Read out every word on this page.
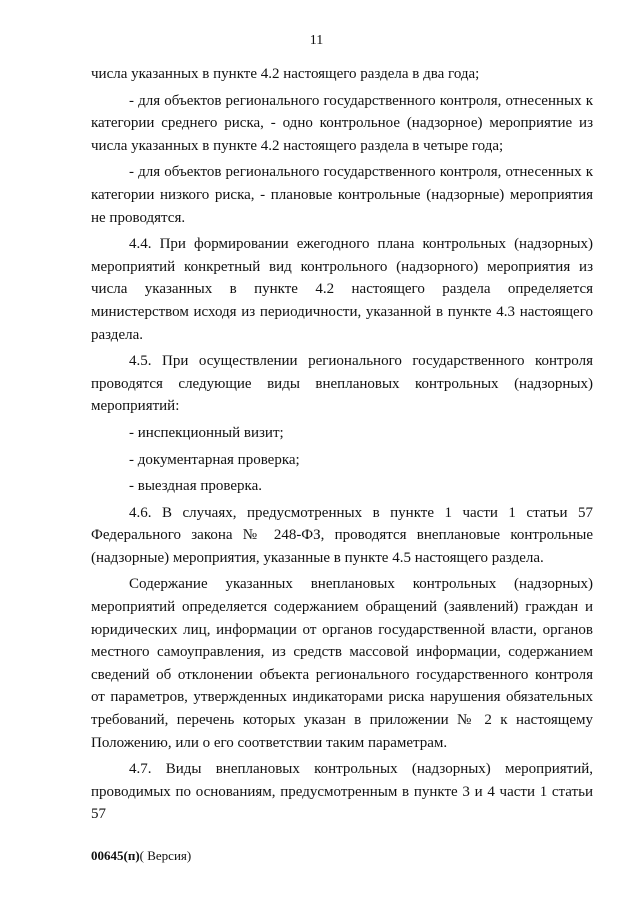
11

числа указанных в пункте 4.2 настоящего раздела в два года;

- для объектов регионального государственного контроля, отнесенных к категории среднего риска, - одно контрольное (надзорное) мероприятие из числа указанных в пункте 4.2 настоящего раздела в четыре года;

- для объектов регионального государственного контроля, отнесенных к категории низкого риска, - плановые контрольные (надзорные) мероприятия не проводятся.

4.4. При формировании ежегодного плана контрольных (надзорных) мероприятий конкретный вид контрольного (надзорного) мероприятия из числа указанных в пункте 4.2 настоящего раздела определяется министерством исходя из периодичности, указанной в пункте 4.3 настоящего раздела.

4.5. При осуществлении регионального государственного контроля проводятся следующие виды внеплановых контрольных (надзорных) мероприятий:

- инспекционный визит;

- документарная проверка;

- выездная проверка.

4.6. В случаях, предусмотренных в пункте 1 части 1 статьи 57 Федерального закона № 248-ФЗ, проводятся внеплановые контрольные (надзорные) мероприятия, указанные в пункте 4.5 настоящего раздела.

Содержание указанных внеплановых контрольных (надзорных) мероприятий определяется содержанием обращений (заявлений) граждан и юридических лиц, информации от органов государственной власти, органов местного самоуправления, из средств массовой информации, содержанием сведений об отклонении объекта регионального государственного контроля от параметров, утвержденных индикаторами риска нарушения обязательных требований, перечень которых указан в приложении № 2 к настоящему Положению, или о его соответствии таким параметрам.

4.7. Виды внеплановых контрольных (надзорных) мероприятий, проводимых по основаниям, предусмотренным в пункте 3 и 4 части 1 статьи 57

00645(п)( Версия)
